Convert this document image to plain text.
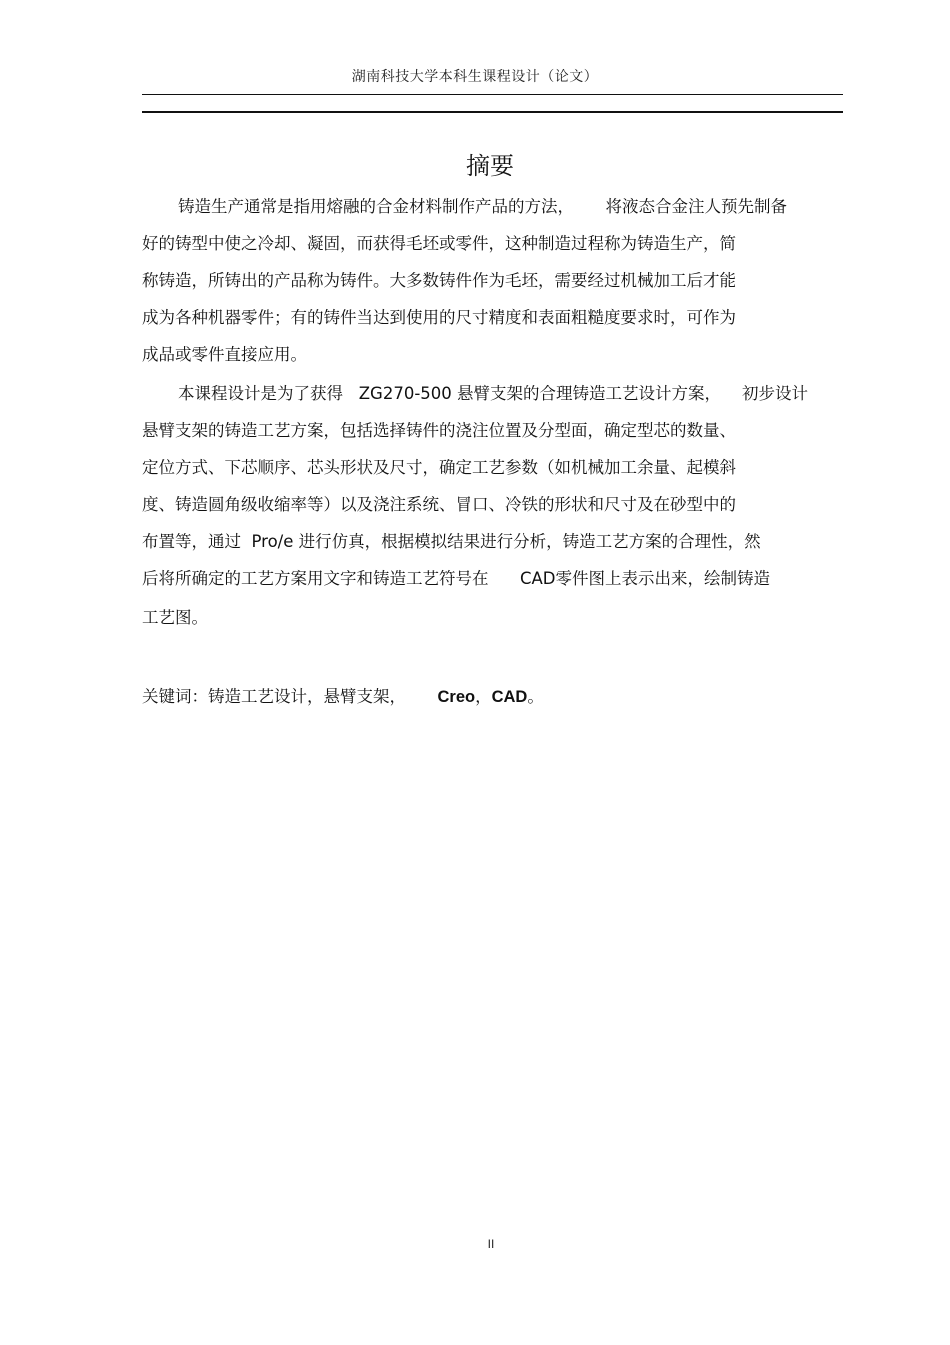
湖南科技大学本科生课程设计（论文）
摘要
铸造生产通常是指用熔融的合金材料制作产品的方法，      将液态合金注人预先制备
好的铸型中使之冷却、凝固，而获得毛坯或零件，这种制造过程称为铸造生产，简
称铸造，所铸出的产品称为铸件。大多数铸件作为毛坯，需要经过机械加工后才能
成为各种机器零件；有的铸件当达到使用的尺寸精度和表面粗糙度要求时，可作为
成品或零件直接应用。
本课程设计是为了获得   ZG270-500 悬臂支架的合理铸造工艺设计方案，    初步设计
悬臂支架的铸造工艺方案，包括选择铸件的浇注位置及分型面，确定型芯的数量、
定位方式、下芯顺序、芯头形状及尺寸，确定工艺参数（如机械加工余量、起模斜
度、铸造圆角级收缩率等）以及浇注系统、冒口、冷铁的形状和尺寸及在砂型中的
布置等，通过  Pro/e 进行仿真，根据模拟结果进行分析，铸造工艺方案的合理性，然
后将所确定的工艺方案用文字和铸造工艺符号在      CAD零件图上表示出来，绘制铸造
工艺图。
关键词：铸造工艺设计，悬臂支架，      Creo，CAD。
II
